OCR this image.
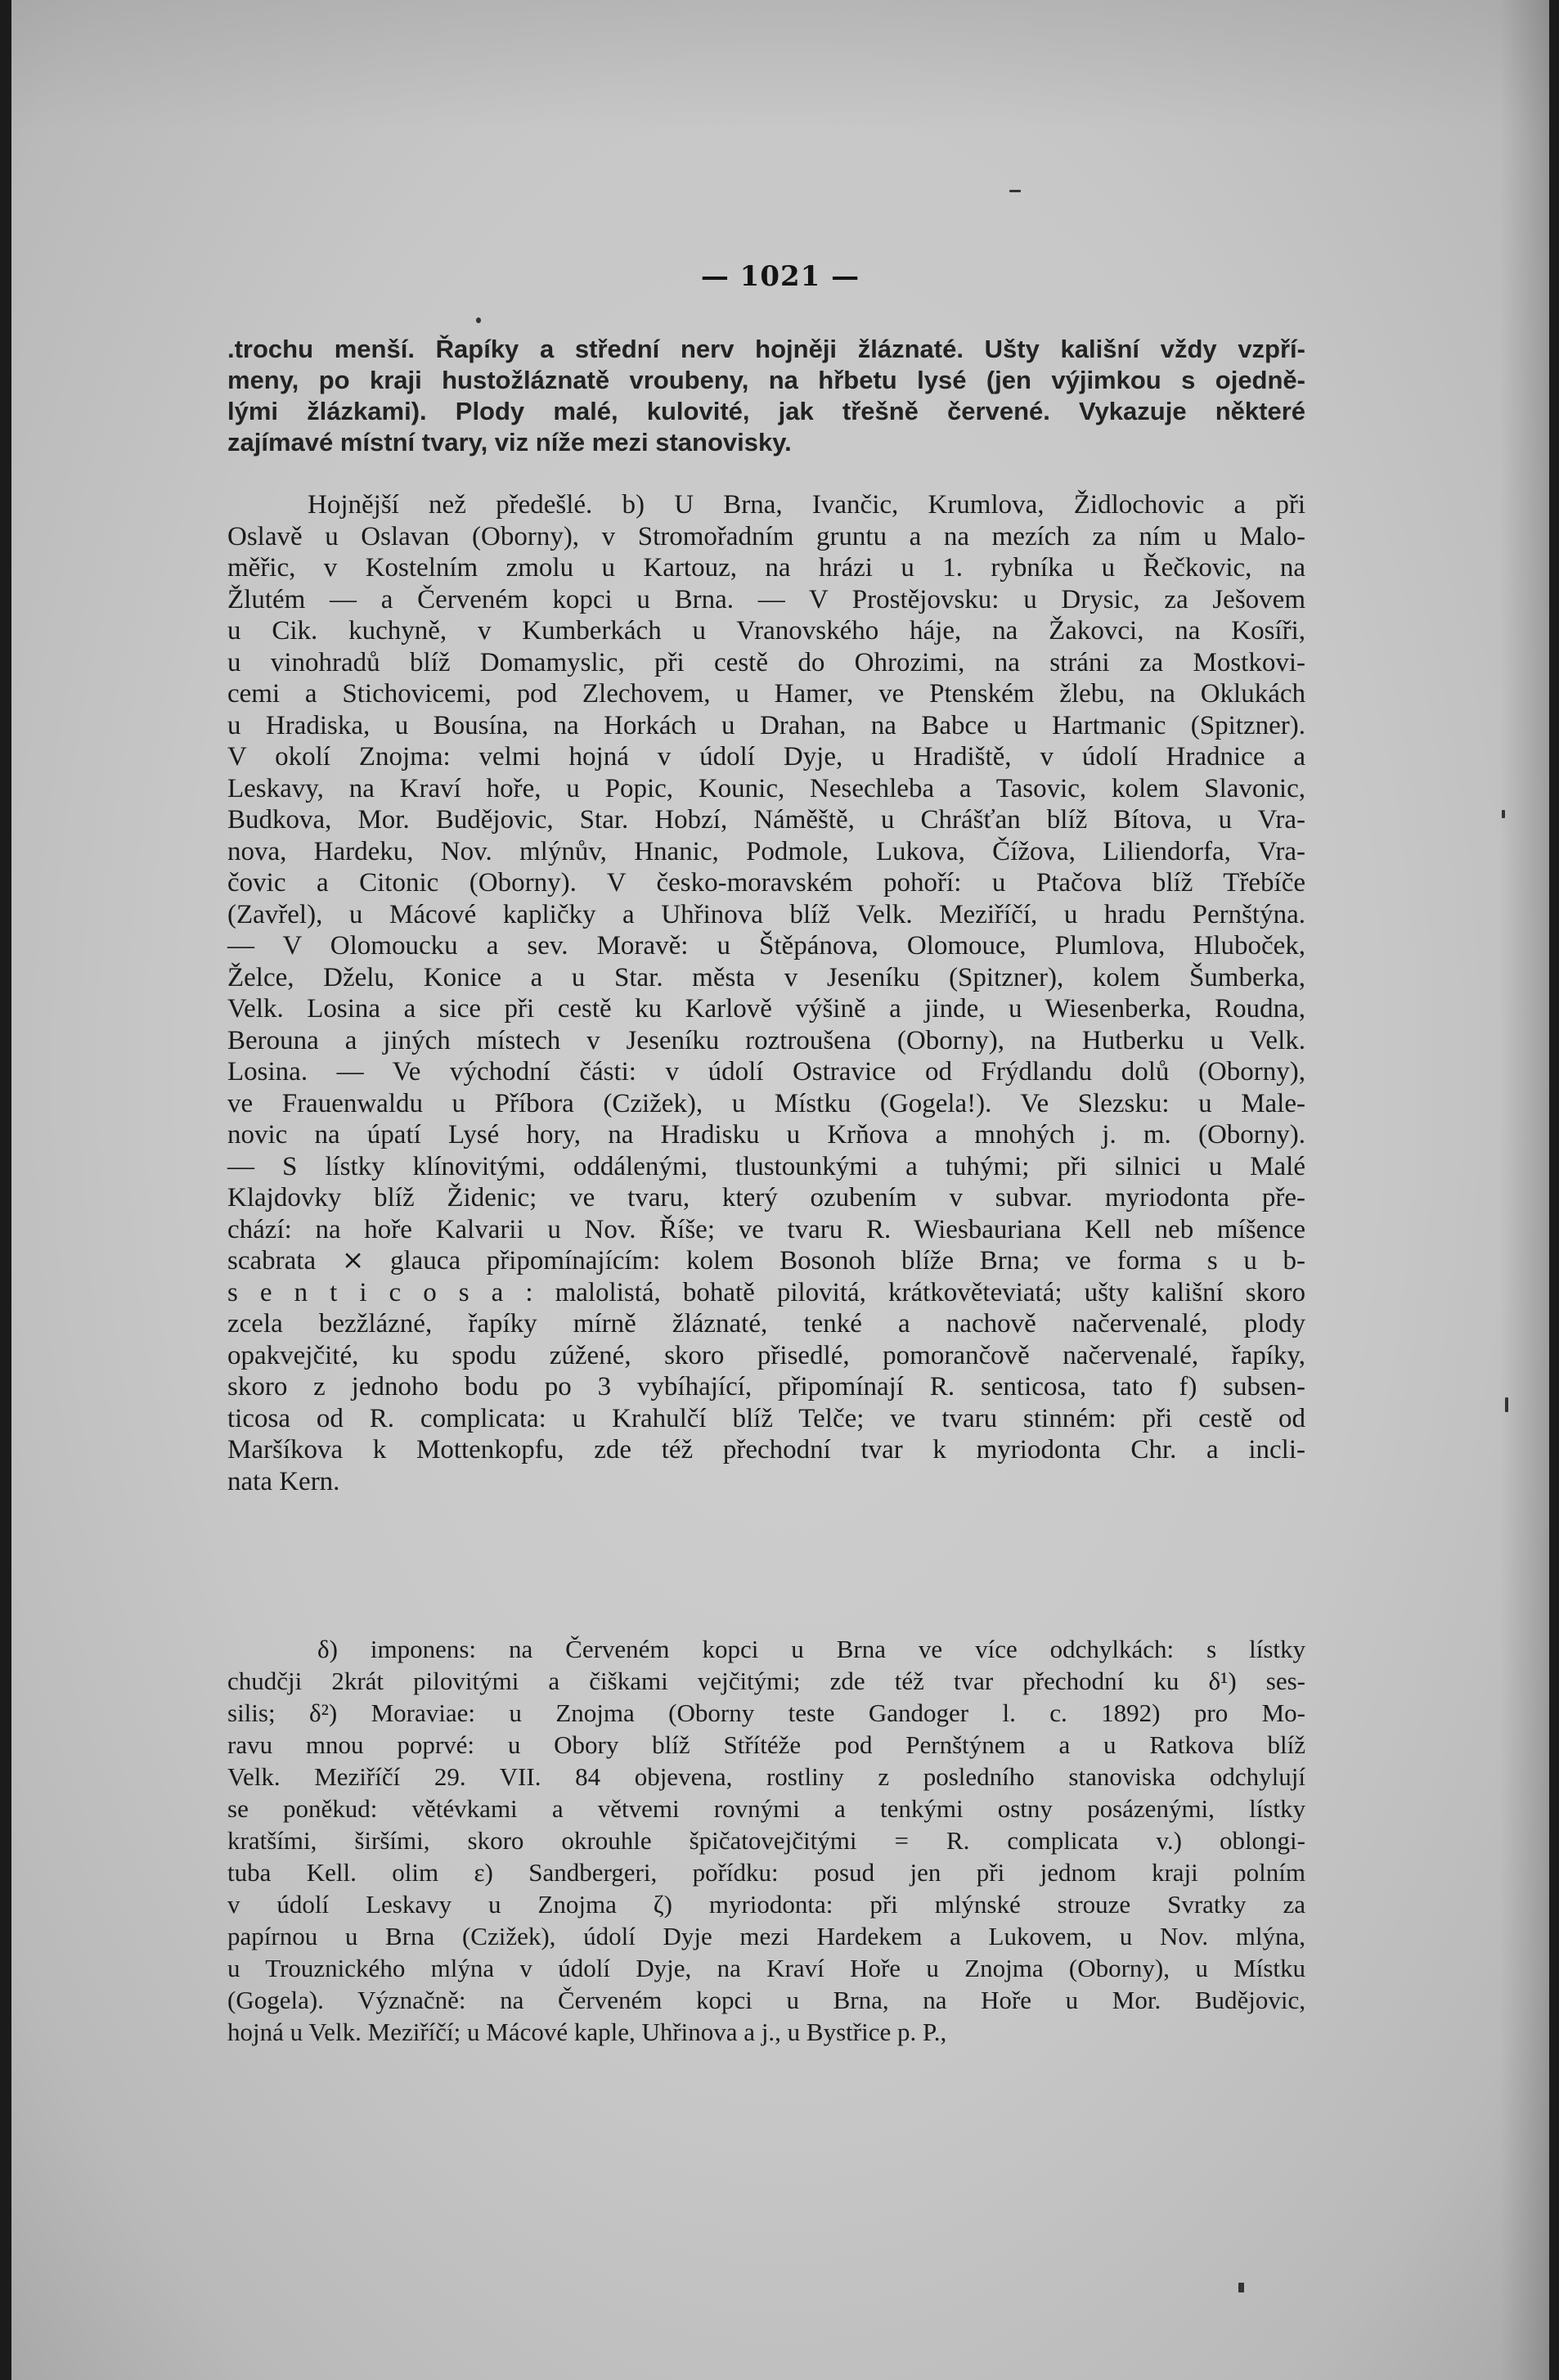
— 1021 —
.trochu menší. Řapíky a střední nerv hojněji žláznaté. Ušty kališní vždy vzpří-
meny, po kraji hustožláznatě vroubeny, na hřbetu lysé (jen výjimkou s ojedně-
lými žlázkami). Plody malé, kulovité, jak třešně červené. Vykazuje některé
zajímavé místní tvary, viz níže mezi stanovisky.
Hojnější než předešlé. b) U Brna, Ivančic, Krumlova, Židlochovic a při
Oslavě u Oslavan (Oborny), v Stromořadním gruntu a na mezích za ním u Malo-
měřic, v Kostelním zmolu u Kartouz, na hrázi u 1. rybníka u Řečkovic, na
Žlutém — a Červeném kopci u Brna. — V Prostějovsku: u Drysic, za Ješovem
u Cik. kuchyně, v Kumberkách u Vranovského háje, na Žakovci, na Kosíři,
u vinohradů blíž Domamyslic, při cestě do Ohrozimi, na stráni za Mostkovi-
cemi a Stichovicemi, pod Zlechovem, u Hamer, ve Ptenském žlebu, na Oklukách
u Hradiska, u Bousína, na Horkách u Drahan, na Babce u Hartmanic (Spitzner).
V okolí Znojma: velmi hojná v údolí Dyje, u Hradiště, v údolí Hradnice a
Leskavy, na Kraví hoře, u Popic, Kounic, Nesechleba a Tasovic, kolem Slavonic,
Budkova, Mor. Budějovic, Star. Hobzí, Náměště, u Chrášťan blíž Bítova, u Vra-
nova, Hardeku, Nov. mlýnův, Hnanic, Podmole, Lukova, Čížova, Liliendorfa, Vra-
čovic a Citonic (Oborny). V česko-moravském pohoří: u Ptačova blíž Třebíče
(Zavřel), u Mácové kapličky a Uhřinova blíž Velk. Meziříčí, u hradu Pernštýna.
— V Olomoucku a sev. Moravě: u Štěpánova, Olomouce, Plumlova, Hluboček,
Želce, Dželu, Konice a u Star. města v Jeseníku (Spitzner), kolem Šumberka,
Velk. Losina a sice při cestě ku Karlově výšině a jinde, u Wiesenberka, Roudna,
Berouna a jiných místech v Jeseníku roztroušena (Oborny), na Hutberku u Velk.
Losina. — Ve východní části: v údolí Ostravice od Frýdlandu dolů (Oborny),
ve Frauenwaldu u Příbora (Czižek), u Místku (Gogela!). Ve Slezsku: u Male-
novic na úpatí Lysé hory, na Hradisku u Krňova a mnohých j. m. (Oborny).
— S lístky klínovitými, oddálenými, tlustounkými a tuhými; při silnici u Malé
Klajdovky blíž Židenic; ve tvaru, který ozubením v subvar. myriodonta pře-
chází: na hoře Kalvarii u Nov. Říše; ve tvaru R. Wiesbauriana Kell neb míšence
scabrata ⨯ glauca připomínajícím: kolem Bosonoh blíže Brna; ve forma s u b-
s e n t i c o s a : malolistá, bohatě pilovitá, krátkověteviatá; ušty kališní skoro
zcela bezžlázné, řapíky mírně žláznaté, tenké a nachově načervenalé, plody
opakvejčité, ku spodu zúžené, skoro přisedlé, pomorančově načervenalé, řapíky,
skoro z jednoho bodu po 3 vybíhající, připomínají R. senticosa, tato f) subsen-
ticosa od R. complicata: u Krahulčí blíž Telče; ve tvaru stinném: při cestě od
Maršíkova k Mottenkopfu, zde též přechodní tvar k myriodonta Chr. a incli-
nata Kern.
δ) imponens: na Červeném kopci u Brna ve více odchylkách: s lístky
chudčji 2krát pilovitými a čiškami vejčitými; zde též tvar přechodní ku δ¹) ses-
silis; δ²) Moraviae: u Znojma (Oborny teste Gandoger l. c. 1892) pro Mo-
ravu mnou poprvé: u Obory blíž Střítéže pod Pernštýnem a u Ratkova blíž
Velk. Meziříčí 29. VII. 84 objevena, rostliny z posledního stanoviska odchylují
se poněkud: větévkami a větvemi rovnými a tenkými ostny posázenými, lístky
kratšími, širšími, skoro okrouhle špičatovejčitými = R. complicata v.) oblongi-
tuba Kell. olim ε) Sandbergeri, pořídku: posud jen při jednom kraji polním
v údolí Leskavy u Znojma ζ) myriodonta: při mlýnské strouze Svratky za
papírnou u Brna (Czižek), údolí Dyje mezi Hardekem a Lukovem, u Nov. mlýna,
u Trouznického mlýna v údolí Dyje, na Kraví Hoře u Znojma (Oborny), u Místku
(Gogela). Význačně: na Červeném kopci u Brna, na Hoře u Mor. Budějovic,
hojná u Velk. Meziříčí; u Mácové kaple, Uhřinova a j., u Bystřice p. P.,
